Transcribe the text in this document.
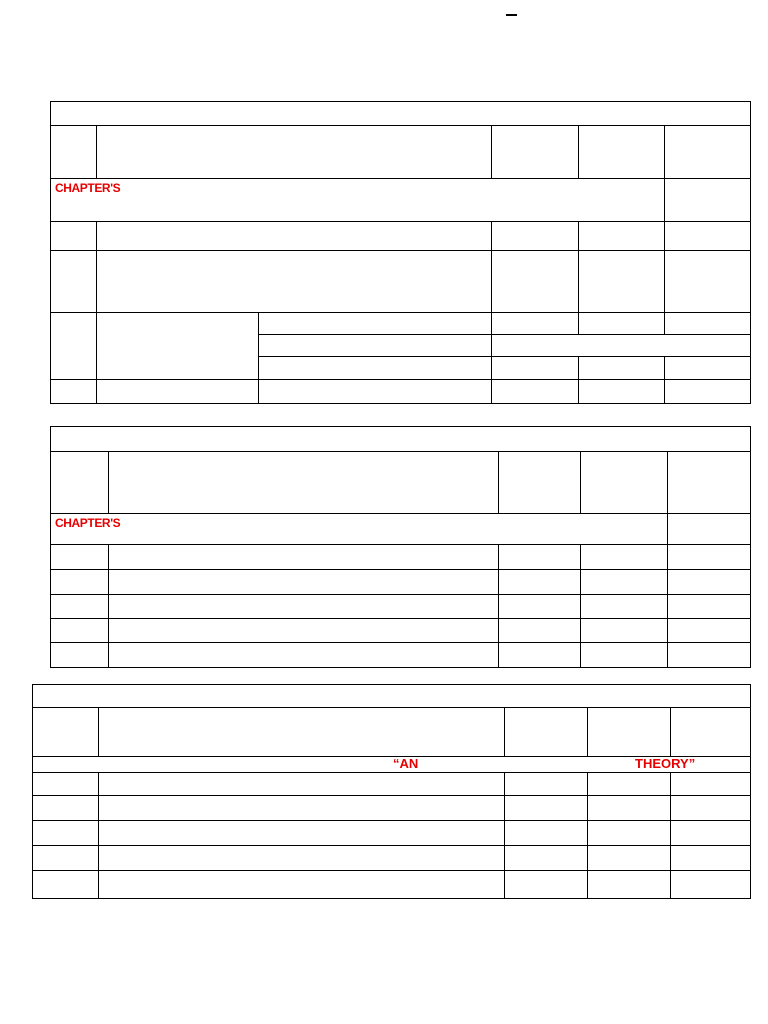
CHAPTER'S					

CHAPTER'S				

“AN THEORY”				
